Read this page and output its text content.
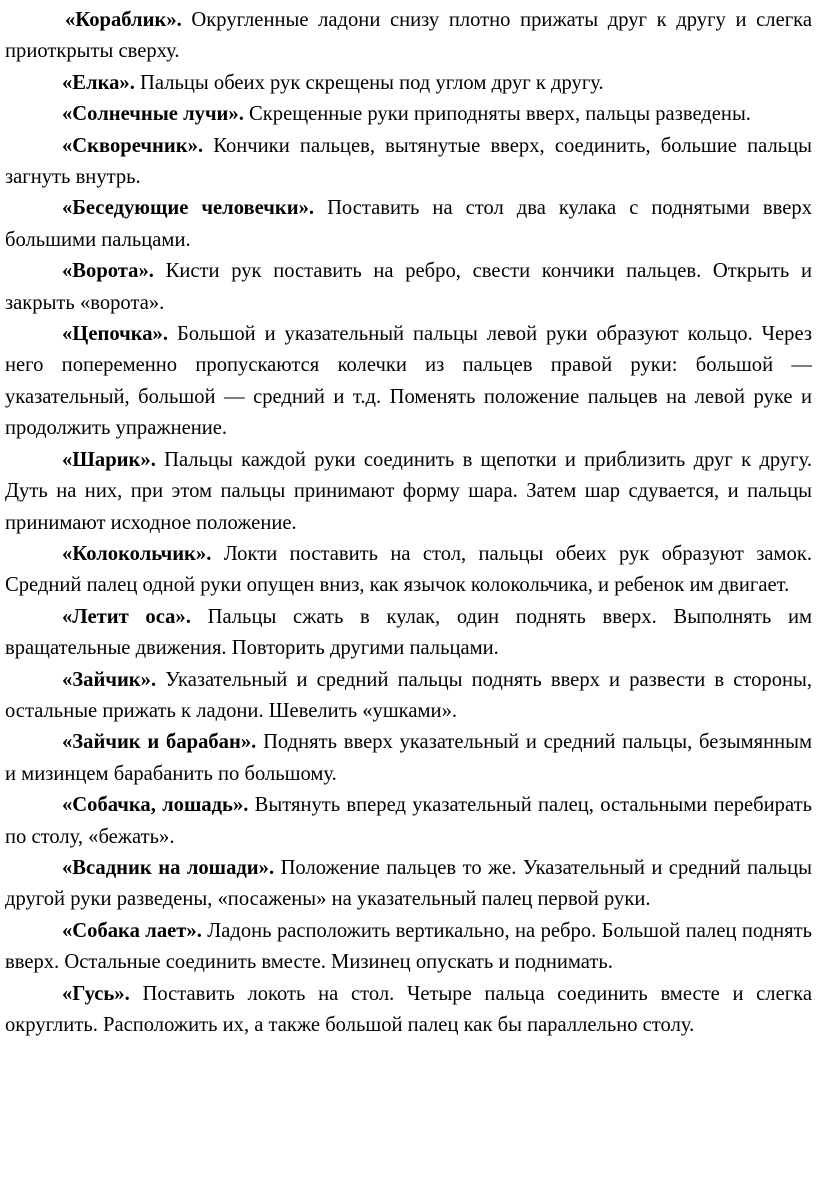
«Кораблик». Округленные ладони снизу плотно прижаты друг к другу и слегка приоткрыты сверху.

«Елка». Пальцы обеих рук скрещены под углом друг к другу.

«Солнечные лучи». Скрещенные руки приподняты вверх, пальцы разведены.

«Скворечник». Кончики пальцев, вытянутые вверх, соединить, большие пальцы загнуть внутрь.

«Беседующие человечки». Поставить на стол два кулака с поднятыми вверх большими пальцами.

«Ворота». Кисти рук поставить на ребро, свести кончики пальцев. Открыть и закрыть «ворота».

«Цепочка». Большой и указательный пальцы левой руки образуют кольцо. Через него попеременно пропускаются колечки из пальцев правой руки: большой — указательный, большой — средний и т.д. Поменять положение пальцев на левой руке и продолжить упражнение.

«Шарик». Пальцы каждой руки соединить в щепотки и приблизить друг к другу. Дуть на них, при этом пальцы принимают форму шара. Затем шар сдувается, и пальцы принимают исходное положение.

«Колокольчик». Локти поставить на стол, пальцы обеих рук образуют замок. Средний палец одной руки опущен вниз, как язычок колокольчика, и ребенок им двигает.

«Летит оса». Пальцы сжать в кулак, один поднять вверх. Выполнять им вращательные движения. Повторить другими пальцами.

«Зайчик». Указательный и средний пальцы поднять вверх и развести в стороны, остальные прижать к ладони. Шевелить «ушками».

«Зайчик и барабан». Поднять вверх указательный и средний пальцы, безымянным и мизинцем барабанить по большому.

«Собачка, лошадь». Вытянуть вперед указательный палец, остальными перебирать по столу, «бежать».

«Всадник на лошади». Положение пальцев то же. Указательный и средний пальцы другой руки разведены, «посажены» на указательный палец первой руки.

«Собака лает». Ладонь расположить вертикально, на ребро. Большой палец поднять вверх. Остальные соединить вместе. Мизинец опускать и поднимать.

«Гусь». Поставить локоть на стол. Четыре пальца соединить вместе и слегка округлить. Расположить их, а также большой палец как бы параллельно столу.
